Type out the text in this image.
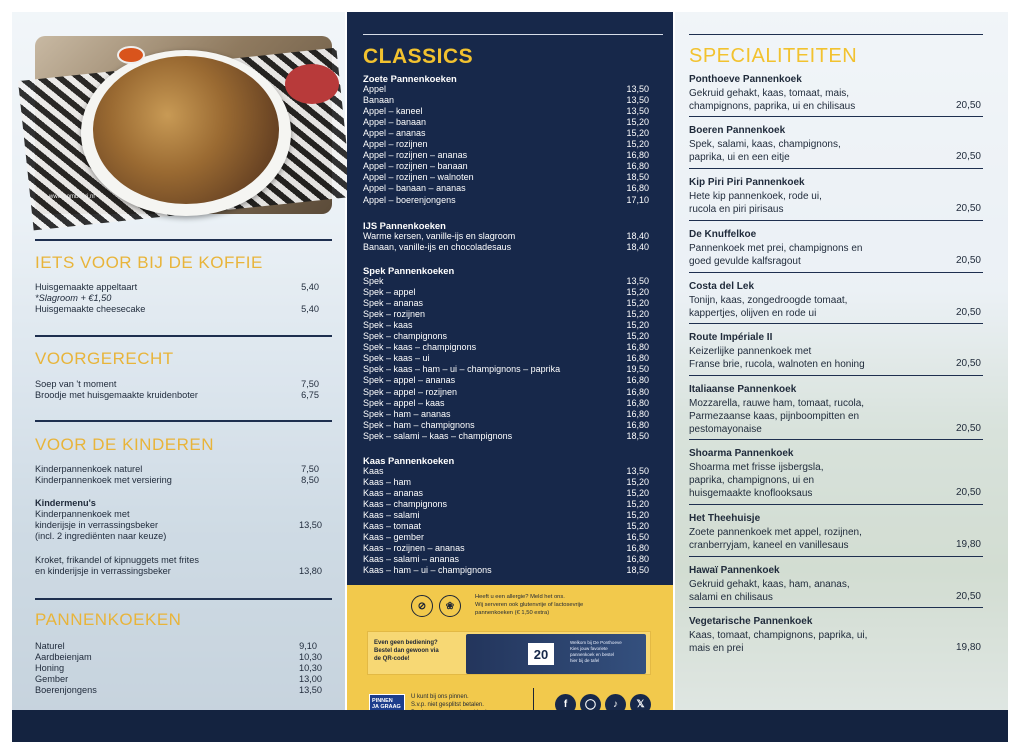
www.pomboerj.nl
IETS VOOR BIJ DE KOFFIE
Huisgemaakte appeltaart	5,40
*Slagroom + €1,50
Huisgemaakte cheesecake	5,40
VOORGERECHT
Soep van 't moment	7,50
Broodje met huisgemaakte kruidenboter	6,75
VOOR DE KINDEREN
Kinderpannenkoek naturel	7,50
Kinderpannenkoek met versiering	8,50
Kindermenu's
Kinderpannenkoek met
kinderijsje in verrassingsbeker	13,50
(incl. 2 ingrediënten naar keuze)
Kroket, frikandel of kipnuggets met frites
en kinderijsje in verrassingsbeker	13,80
PANNENKOEKEN
Naturel	9,10
Aardbeienjam	10,30
Honing	10,30
Gember	13,00
Boerenjongens	13,50
CLASSICS
Zoete Pannenkoeken
Appel	13,50
Banaan	13,50
Appel – kaneel	13,50
Appel – banaan	15,20
Appel – ananas	15,20
Appel – rozijnen	15,20
Appel – rozijnen – ananas	16,80
Appel – rozijnen – banaan	16,80
Appel – rozijnen – walnoten	18,50
Appel – banaan – ananas	16,80
Appel – boerenjongens	17,10
IJS Pannenkoeken
Warme kersen, vanille-ijs en slagroom	18,40
Banaan, vanille-ijs en chocoladesaus	18,40
Spek Pannenkoeken
Spek	13,50
Spek – appel	15,20
Spek – ananas	15,20
Spek – rozijnen	15,20
Spek – kaas	15,20
Spek – champignons	15,20
Spek – kaas – champignons	16,80
Spek – kaas – ui	16,80
Spek – kaas – ham – ui – champignons – paprika	19,50
Spek – appel – ananas	16,80
Spek – appel – rozijnen	16,80
Spek – appel – kaas	16,80
Spek – ham – ananas	16,80
Spek – ham – champignons	16,80
Spek – salami – kaas – champignons	18,50
Kaas Pannenkoeken
Kaas	13,50
Kaas – ham	15,20
Kaas – ananas	15,20
Kaas – champignons	15,20
Kaas – salami	15,20
Kaas – tomaat	15,20
Kaas – gember	16,50
Kaas – rozijnen – ananas	16,80
Kaas – salami – ananas	16,80
Kaas – ham – ui – champignons	18,50
⊘	❀
Heeft u een allergie? Meld het ons.
Wij serveren ook glutenvrije of lactosevrije
pannenkoeken (€ 1,50 extra)
Even geen bediening?
Bestel dan gewoon via
de QR-code!	20
Welkom bij De Ponthoeve
Kies jouw favoriete
pannenkoek en bestel
hier bij de tafel
PINNEN
JA GRAAG
U kunt bij ons pinnen.
S.v.p. niet gesplitst betalen.	f	◯	♪	𝕏
SPECIALITEITEN
Ponthoeve Pannenkoek
Gekruid gehakt, kaas, tomaat, mais,
champignons, paprika, ui en chilisaus	20,50
Boeren Pannenkoek
Spek, salami, kaas, champignons,
paprika, ui en een eitje	20,50
Kip Piri Piri Pannenkoek
Hete kip pannenkoek, rode ui,
rucola en piri pirisaus	20,50
De Knuffelkoe
Pannenkoek met prei, champignons en
goed gevulde kalfsragout	20,50
Costa del Lek
Tonijn, kaas, zongedroogde tomaat,
kappertjes, olijven en rode ui	20,50
Route Impériale II
Keizerlijke pannenkoek met
Franse brie, rucola, walnoten en honing	20,50
Italiaanse Pannenkoek
Mozzarella, rauwe ham, tomaat, rucola,
Parmezaanse kaas, pijnboompitten en
pestomayonaise	20,50
Shoarma Pannenkoek
Shoarma met frisse ijsbergsla,
paprika, champignons, ui en
huisgemaakte knoflooksaus	20,50
Het Theehuisje
Zoete pannenkoek met appel, rozijnen,
cranberryjam, kaneel en vanillesaus	19,80
Hawaï Pannenkoek
Gekruid gehakt, kaas, ham, ananas,
salami en chilisaus	20,50
Vegetarische Pannenkoek
Kaas, tomaat, champignons, paprika, ui,
mais en prei	19,80
